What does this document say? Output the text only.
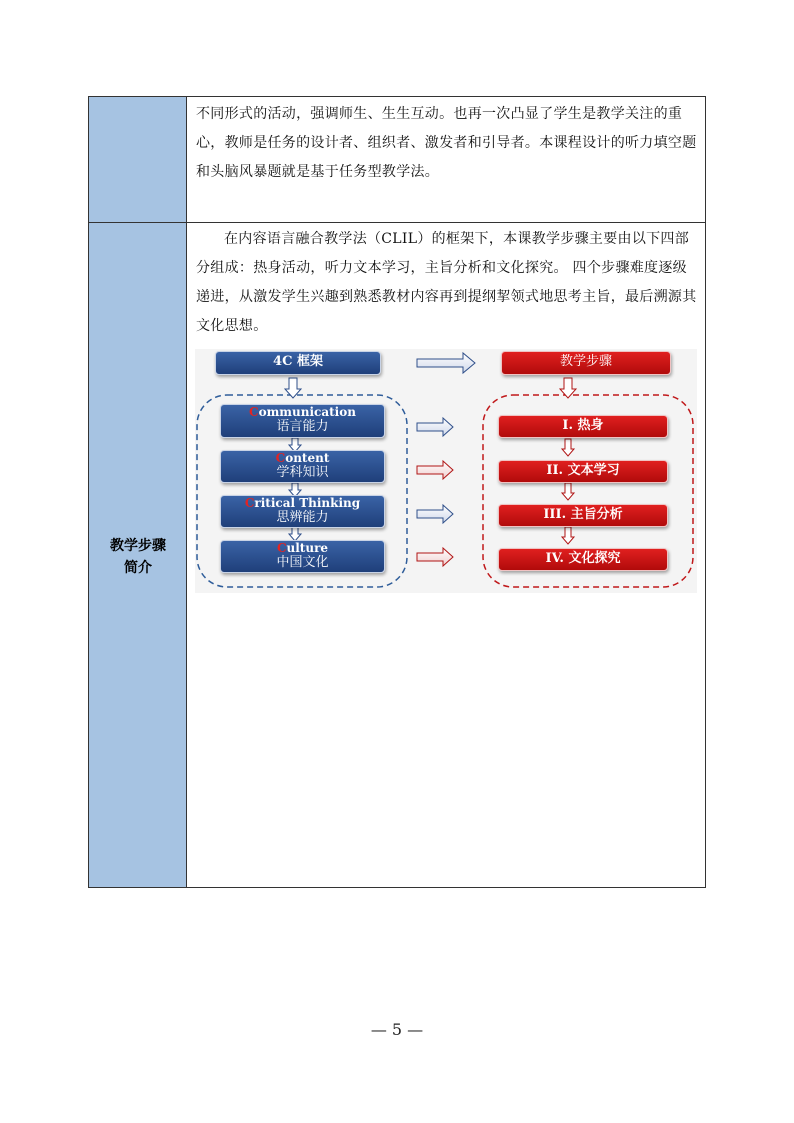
不同形式的活动，强调师生、生生互动。也再一次凸显了学生是教学关注的重心，教师是任务的设计者、组织者、激发者和引导者。本课程设计的听力填空题和头脑风暴题就是基于任务型教学法。

教学步骤
简介

在内容语言融合教学法（CLIL）的框架下，本课教学步骤主要由以下四部分组成：热身活动，听力文本学习，主旨分析和文化探究。 四个步骤难度逐级递进，从激发学生兴趣到熟悉教材内容再到提纲挈领式地思考主旨，最后溯源其文化思想。

4C 框架	教学步骤
Communication
语言能力
Content
学科知识
Critical Thinking
思辨能力
Culture
中国文化
I. 热身
II. 文本学习
III. 主旨分析
IV. 文化探究
— 5 —
